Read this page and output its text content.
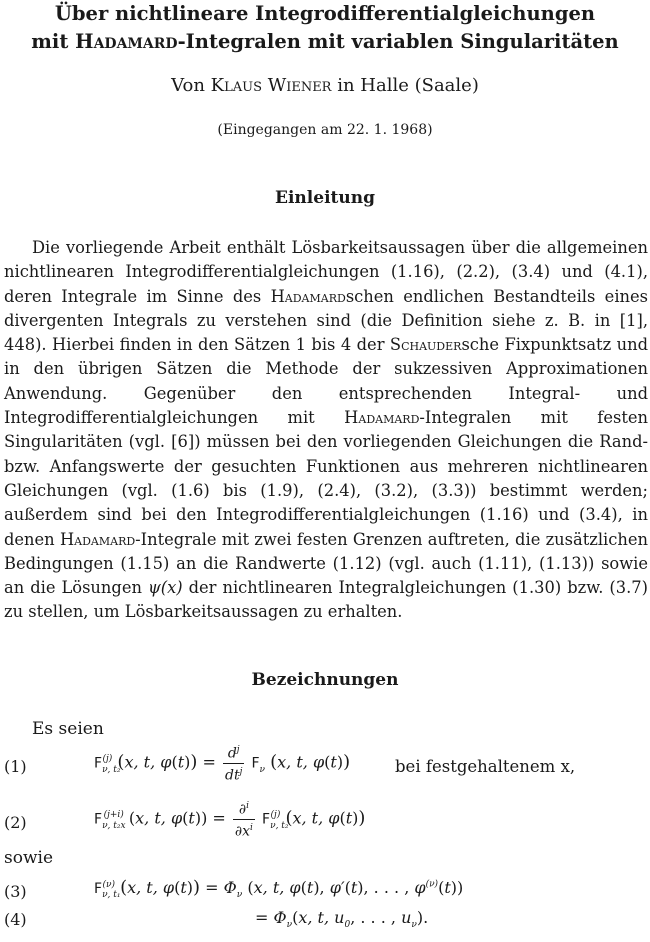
Über nichtlineare Integrodifferentialgleichungen
mit Hadamard-Integralen mit variablen Singularitäten
Von Klaus Wiener in Halle (Saale)
(Eingegangen am 22. 1. 1968)
Einleitung
Die vorliegende Arbeit enthält Lösbarkeitsaussagen über die allgemeinen nichtlinearen Integrodifferentialgleichungen (1.16), (2.2), (3.4) und (4.1), deren Integrale im Sinne des Hadamardschen endlichen Bestandteils eines divergenten Integrals zu verstehen sind (die Definition siehe z. B. in [1], 448). Hierbei finden in den Sätzen 1 bis 4 der Schaudersche Fixpunktsatz und in den übrigen Sätzen die Methode der sukzessiven Approximationen Anwendung. Gegenüber den entsprechenden Integral- und Integrodifferentialgleichungen mit Hadamard-Integralen mit festen Singularitäten (vgl. [6]) müssen bei den vorliegenden Gleichungen die Rand- bzw. Anfangswerte der gesuchten Funktionen aus mehreren nichtlinearen Gleichungen (vgl. (1.6) bis (1.9), (2.4), (3.2), (3.3)) bestimmt werden; außerdem sind bei den Integrodifferentialgleichungen (1.16) und (3.4), in denen Hadamard-Integrale mit zwei festen Grenzen auftreten, die zusätzlichen Bedingungen (1.15) an die Randwerte (1.12) (vgl. auch (1.11), (1.13)) sowie an die Lösungen ψ(x) der nichtlinearen Integralgleichungen (1.30) bzw. (3.7) zu stellen, um Lösbarkeitsaussagen zu erhalten.
Bezeichnungen
Es seien
(1)	$F_{\nu, t_2}^{(j)}$ (x, t, $\varphi(t)) = \frac{d^j}{dt^j} F_\nu$ (x, t, φ(t))	bei festgehaltenem x,
(2)	$F_{\nu, t_2x}^{(j+i)}$ (x, t, $\varphi(t)) = \frac{\partial^i}{\partial x^i} F_{\nu, t_2}^{(j)}$ (x, t, φ(t))
sowie
(3)	$F_{\nu, t_1}^{(\nu)}$ (x, t, $\varphi(t)) = \Phi_\nu$ (x, t, φ(t), φ′(t), . . . , $\varphi^{(\nu)}(t)$)
(4)	= $\Phi_\nu(x$, t, $u_0$, . . . , $u_\nu$).
